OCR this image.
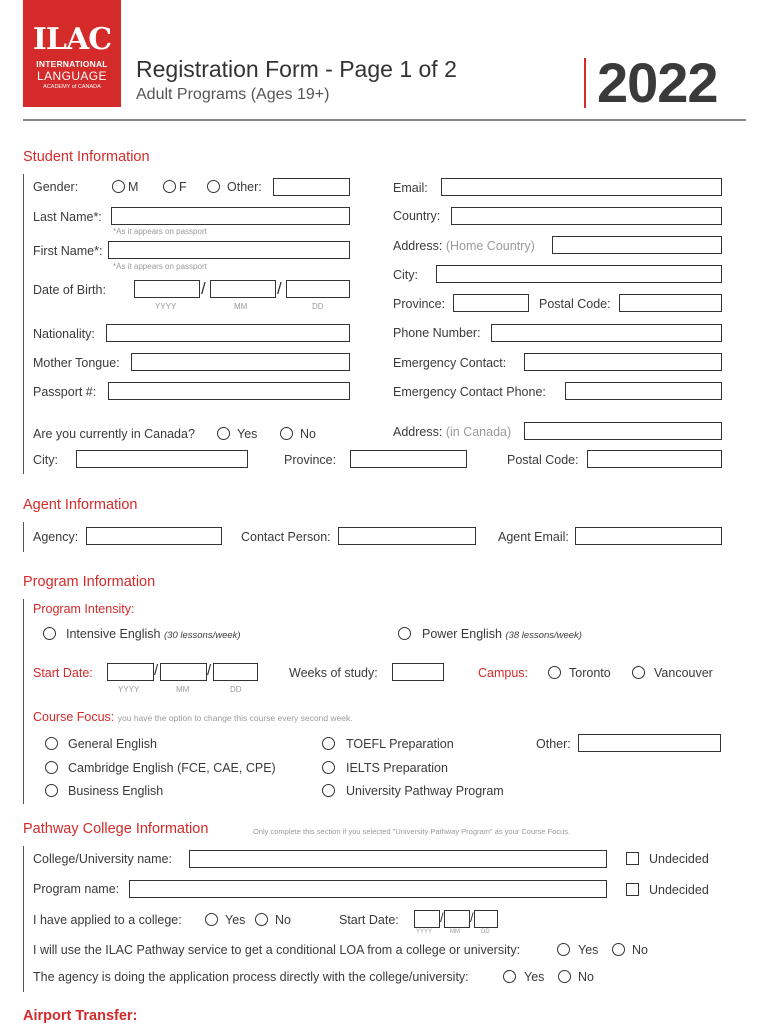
ILAC
INTERNATIONAL
LANGUAGE
ACADEMY of CANADA
Registration Form - Page 1 of 2
Adult Programs (Ages 19+)	2022
Student Information
Gender:	M	F	Other:
Last Name*:
*As it appears on passport
First Name*:
*As it appears on passport
Date of Birth:	/	/
YYYY	MM	DD
Nationality:
Mother Tongue:
Passport #:
Are you currently in Canada?	Yes	No
City:	Province:	Postal Code:
Email:
Country:
Address: (Home Country)
City:
Province:	Postal Code:
Phone Number:
Emergency Contact:
Emergency Contact Phone:
Address: (in Canada)
Agent Information
Agency:	Contact Person:	Agent Email:
Program Information
Program Intensity:
Intensive English (30 lessons/week)	Power English (38 lessons/week)
Start Date:	/	/
YYYY	MM	DD
Weeks of study:	Campus:	Toronto	Vancouver
Course Focus: you have the option to change this course every second week.
General English
Cambridge English (FCE, CAE, CPE)
Business English
TOEFL Preparation
IELTS Preparation
University Pathway Program
Other:
Pathway College Information	Only complete this section if you selected "University Pathway Program" as your Course Focus.
College/University name:	Undecided
Program name:	Undecided
I have applied to a college:	Yes No	Start Date:	/ /
YYYY	MM	DD
I will use the ILAC Pathway service to get a conditional LOA from a college or university:	Yes	No
The agency is doing the application process directly with the college/university:	Yes	No
Airport Transfer:
